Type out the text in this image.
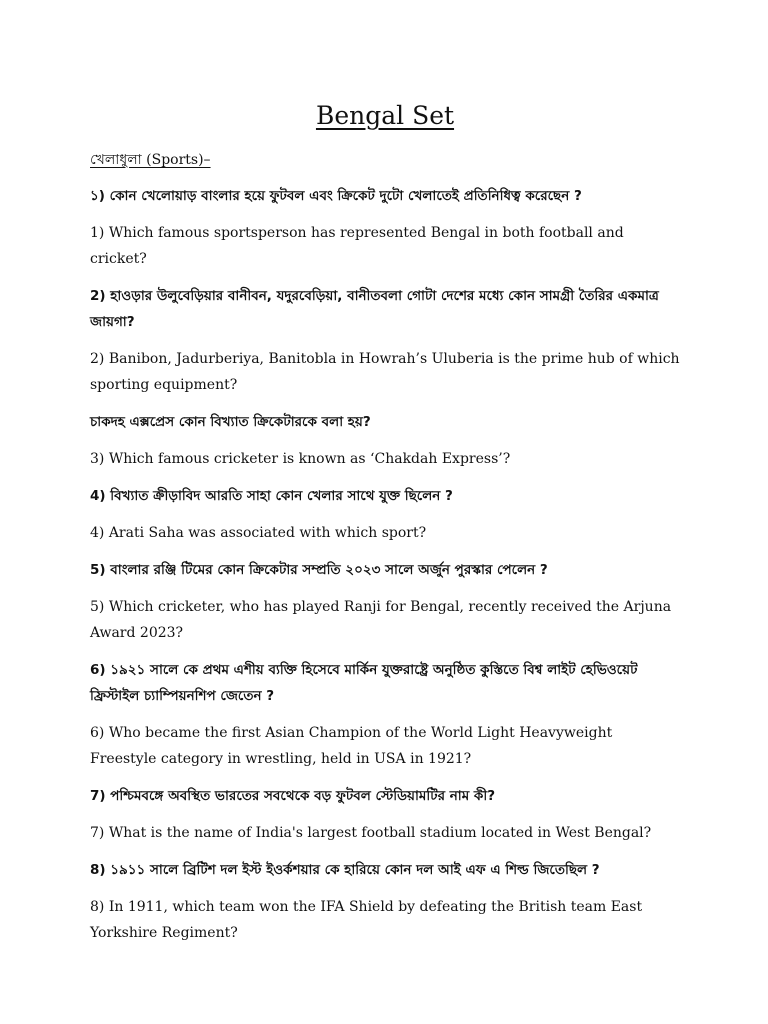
Bengal Set

খেলাধুলা (Sports)–

১) কোন খেলোয়াড় বাংলার হয়ে ফুটবল এবং ক্রিকেট দুটো খেলাতেই প্রতিনিধিত্ব করেছেন ?

1) Which famous sportsperson has represented Bengal in both football and cricket?

2) হাওড়ার উলুবেড়িয়ার বানীবন, যদুরবেড়িয়া, বানীতবলা গোটা দেশের মধ্যে কোন সামগ্রী তৈরির একমাত্র জায়গা?

2) Banibon, Jadurberiya, Banitobla in Howrah’s Uluberia is the prime hub of which sporting equipment?

চাকদহ এক্সপ্রেস কোন বিখ্যাত ক্রিকেটারকে বলা হয়?

3) Which famous cricketer is known as ‘Chakdah Express’?

4) বিখ্যাত ক্রীড়াবিদ আরতি সাহা কোন খেলার সাথে যুক্ত ছিলেন ?

4) Arati Saha was associated with which sport?

5) বাংলার রঞ্জি টিমের কোন ক্রিকেটার সম্প্রতি ২০২৩ সালে অর্জুন পুরস্কার পেলেন ?

5) Which cricketer, who has played Ranji for Bengal, recently received the Arjuna Award 2023?

6) ১৯২১ সালে কে প্রথম এশীয় ব্যক্তি হিসেবে মার্কিন যুক্তরাষ্ট্রে অনুষ্ঠিত কুস্তিতে বিশ্ব লাইট হেভিওয়েট ফ্রিস্টাইল চ্যাম্পিয়নশিপ জেতেন ?

6) Who became the first Asian Champion of the World Light Heavyweight Freestyle category in wrestling, held in USA in 1921?

7) পশ্চিমবঙ্গে অবস্থিত ভারতের সবথেকে বড় ফুটবল স্টেডিয়ামটির নাম কী?

7) What is the name of India's largest football stadium located in West Bengal?

8) ১৯১১ সালে ব্রিটিশ দল ইস্ট ইওর্কশয়ার কে হারিয়ে কোন দল আই এফ এ শিল্ড জিতেছিল ?

8) In 1911, which team won the IFA Shield by defeating the British team East Yorkshire Regiment?
